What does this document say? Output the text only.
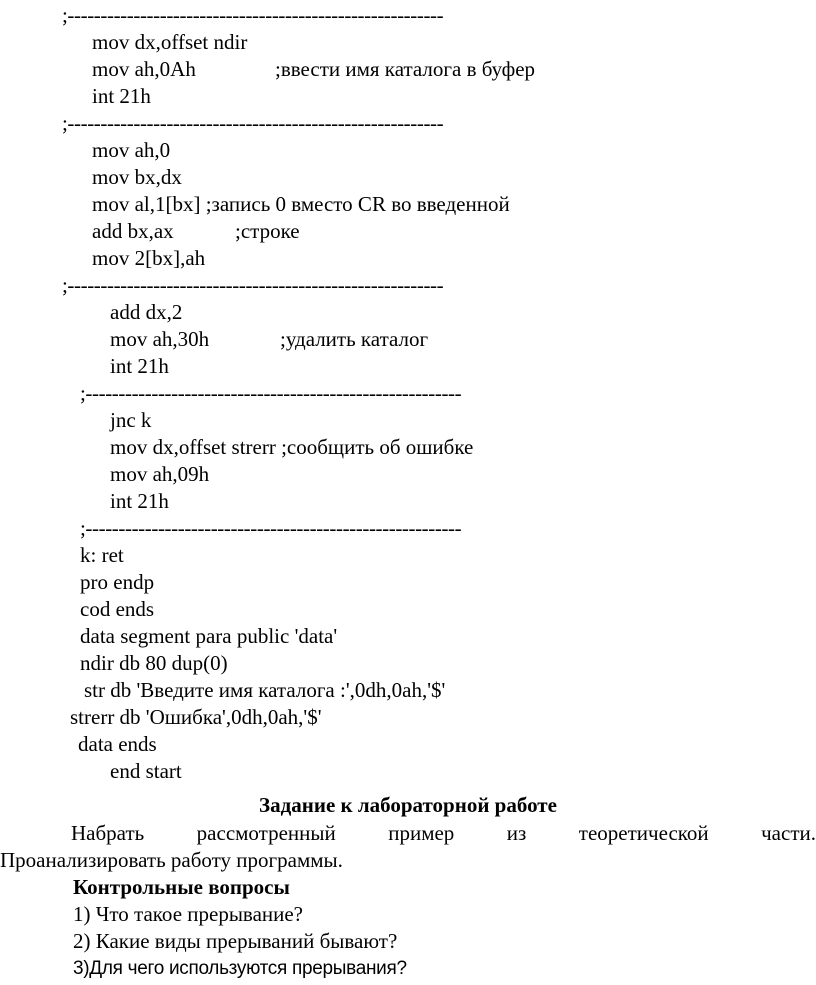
;---------------------------------------------------------
mov dx,offset ndir
mov ah,0Ah	;ввести имя каталога в буфер
int 21h
;---------------------------------------------------------
mov ah,0
mov bx,dx
mov al,1[bx] ;запись 0 вместо CR во введенной
add bx,ax	;строке
mov 2[bx],ah
;---------------------------------------------------------
add dx,2
mov ah,30h	;удалить каталог
int 21h
;---------------------------------------------------------
jnc k
mov dx,offset strerr ;сообщить об ошибке
mov ah,09h
int 21h
;---------------------------------------------------------
k: ret
pro endp
cod ends
data segment para public 'data'
ndir db 80 dup(0)
str db 'Введите имя каталога :',0dh,0ah,'$'
strerr db 'Ошибка',0dh,0ah,'$'
data ends
end start
Задание к лабораторной работе
Набрать рассмотренный пример из теоретической части.
Проанализировать работу программы.
Контрольные вопросы
1) Что такое прерывание?
2) Какие виды прерываний бывают?
3)Для чего используются прерывания?
